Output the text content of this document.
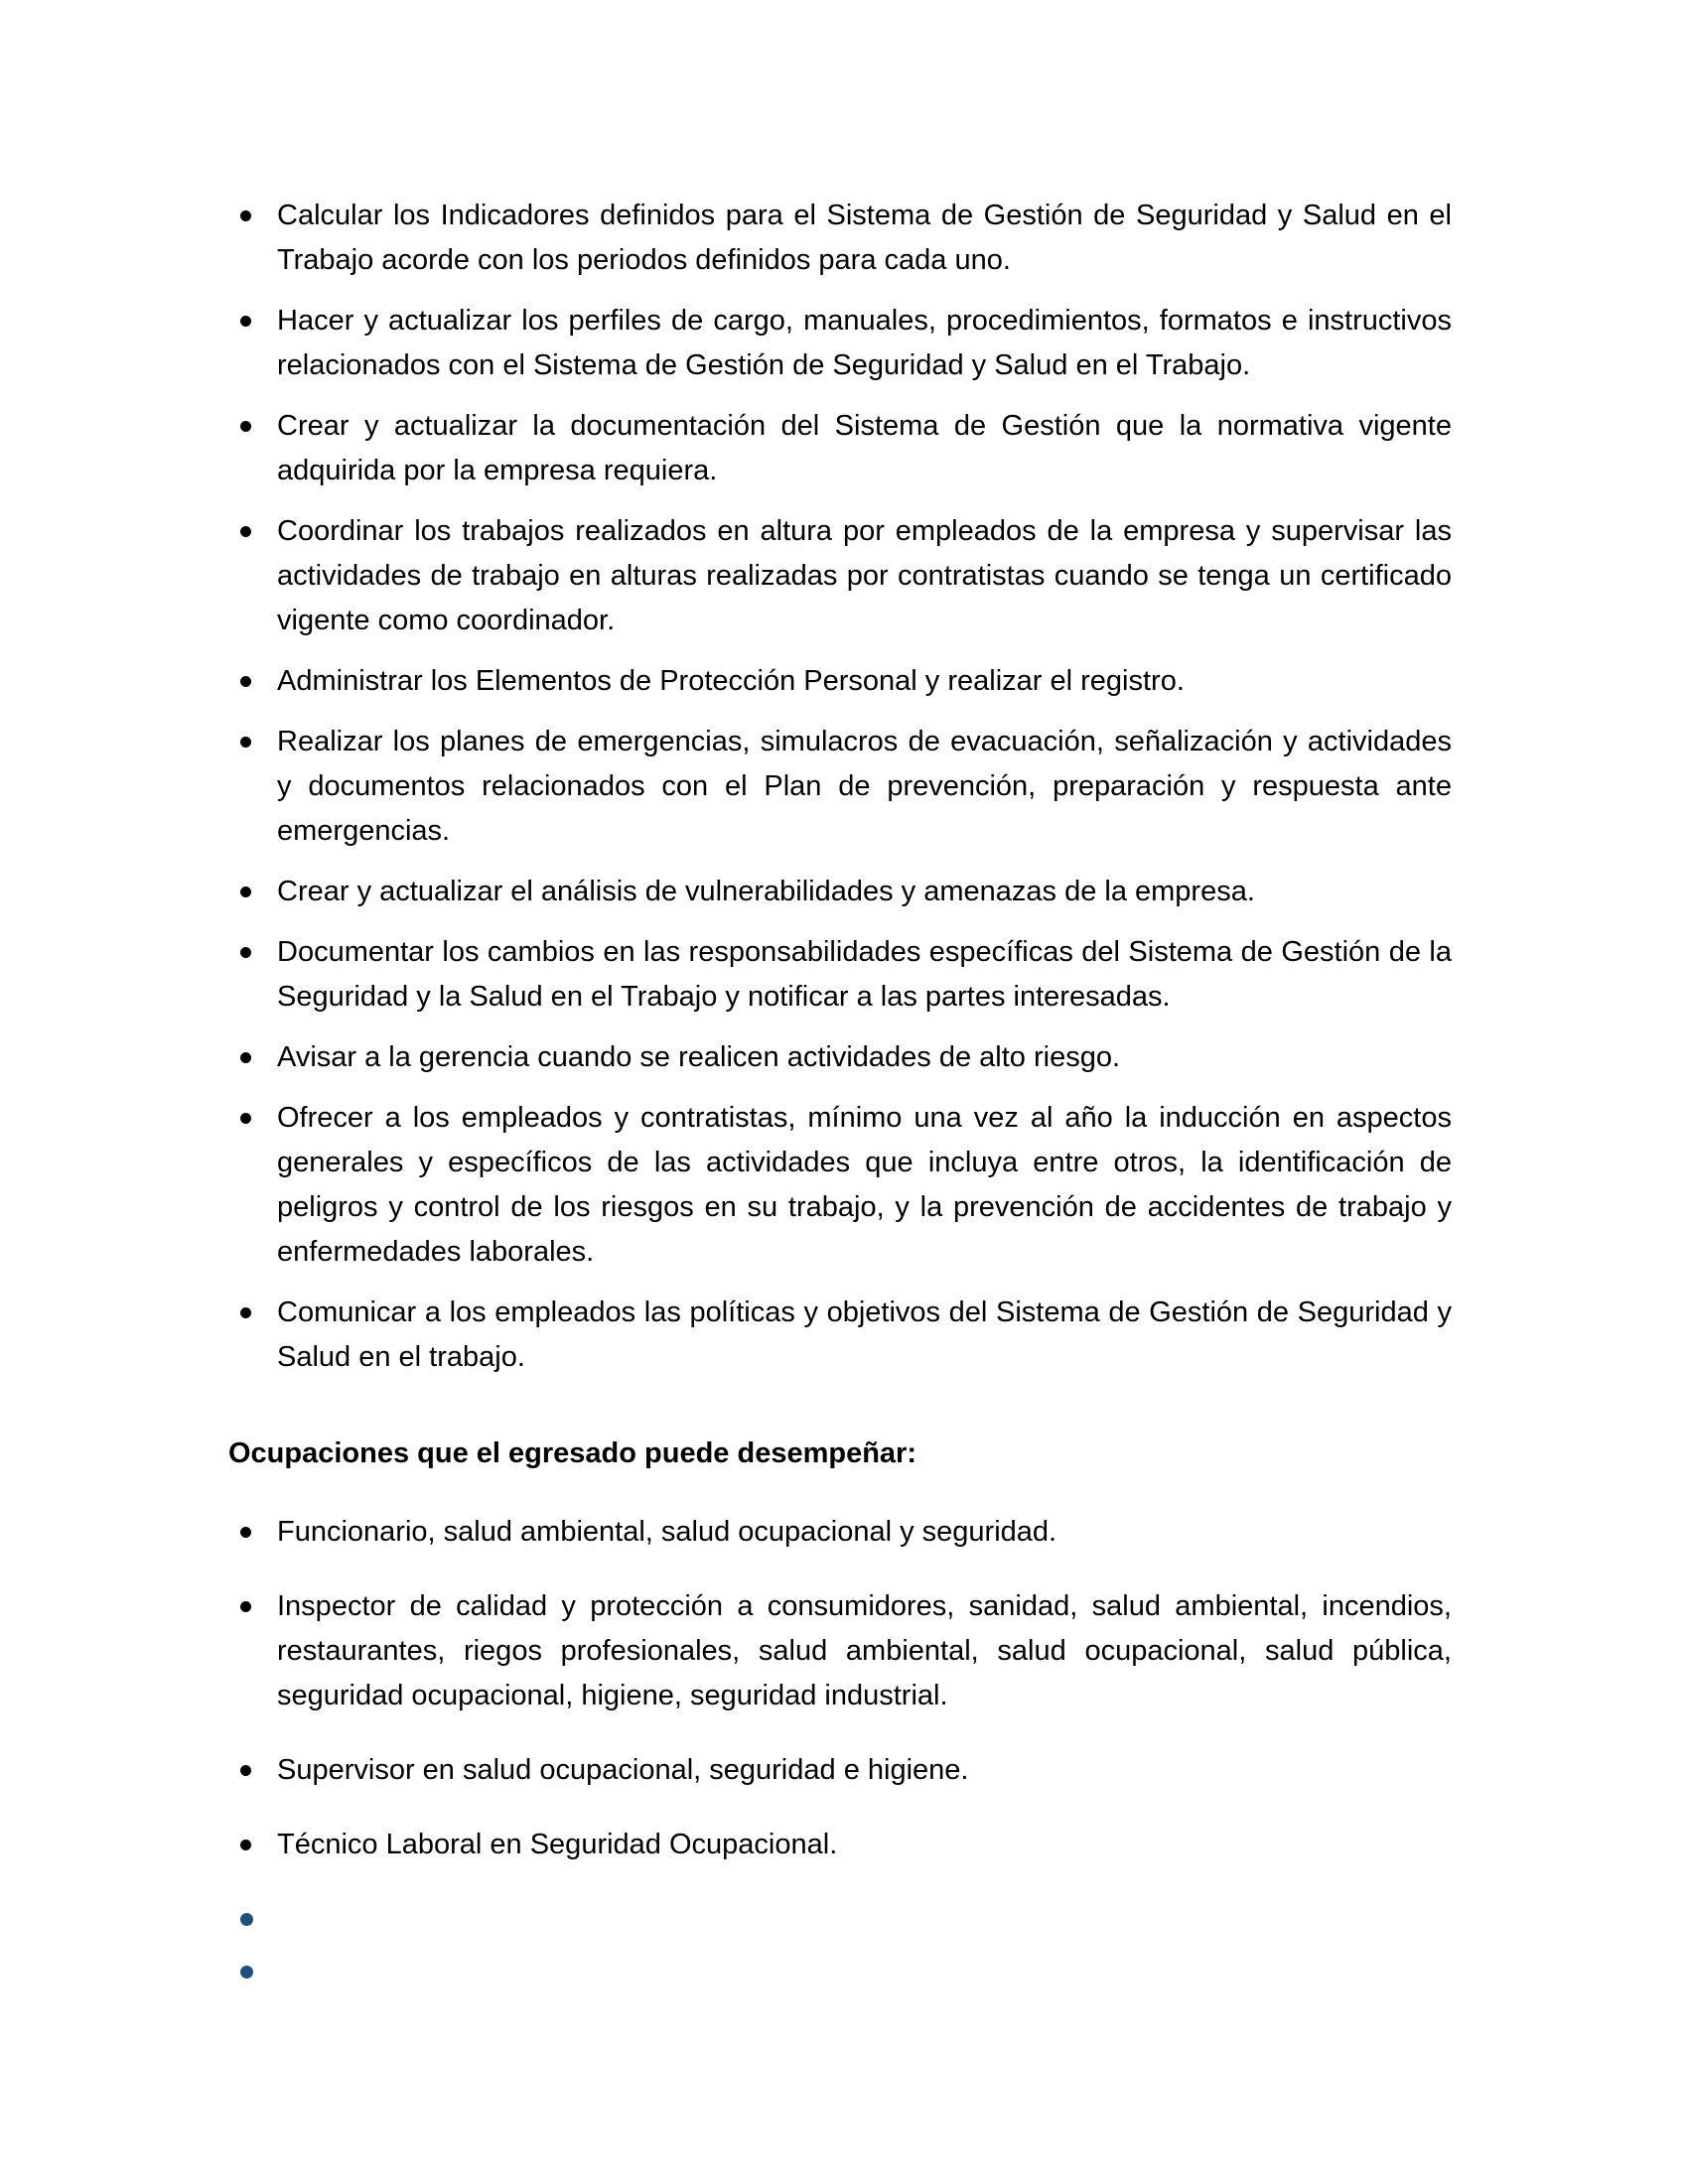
Calcular los Indicadores definidos para el Sistema de Gestión de Seguridad y Salud en el Trabajo acorde con los periodos definidos para cada uno.
Hacer y actualizar los perfiles de cargo, manuales, procedimientos, formatos e instructivos relacionados con el Sistema de Gestión de Seguridad y Salud en el Trabajo.
Crear y actualizar la documentación del Sistema de Gestión que la normativa vigente adquirida por la empresa requiera.
Coordinar los trabajos realizados en altura por empleados de la empresa y supervisar las actividades de trabajo en alturas realizadas por contratistas cuando se tenga un certificado vigente como coordinador.
Administrar los Elementos de Protección Personal y realizar el registro.
Realizar los planes de emergencias, simulacros de evacuación, señalización y actividades y documentos relacionados con el Plan de prevención, preparación y respuesta ante emergencias.
Crear y actualizar el análisis de vulnerabilidades y amenazas de la empresa.
Documentar los cambios en las responsabilidades específicas del Sistema de Gestión de la Seguridad y la Salud en el Trabajo y notificar a las partes interesadas.
Avisar a la gerencia cuando se realicen actividades de alto riesgo.
Ofrecer a los empleados y contratistas, mínimo una vez al año la inducción en aspectos generales y específicos de las actividades que incluya entre otros, la identificación de peligros y control de los riesgos en su trabajo, y la prevención de accidentes de trabajo y enfermedades laborales.
Comunicar a los empleados las políticas y objetivos del Sistema de Gestión de Seguridad y Salud en el trabajo.
Ocupaciones que el egresado puede desempeñar:
Funcionario, salud ambiental, salud ocupacional y seguridad.
Inspector de calidad y protección a consumidores, sanidad, salud ambiental, incendios, restaurantes, riegos profesionales, salud ambiental, salud ocupacional, salud pública, seguridad ocupacional, higiene, seguridad industrial.
Supervisor en salud ocupacional, seguridad e higiene.
Técnico Laboral en Seguridad Ocupacional.
